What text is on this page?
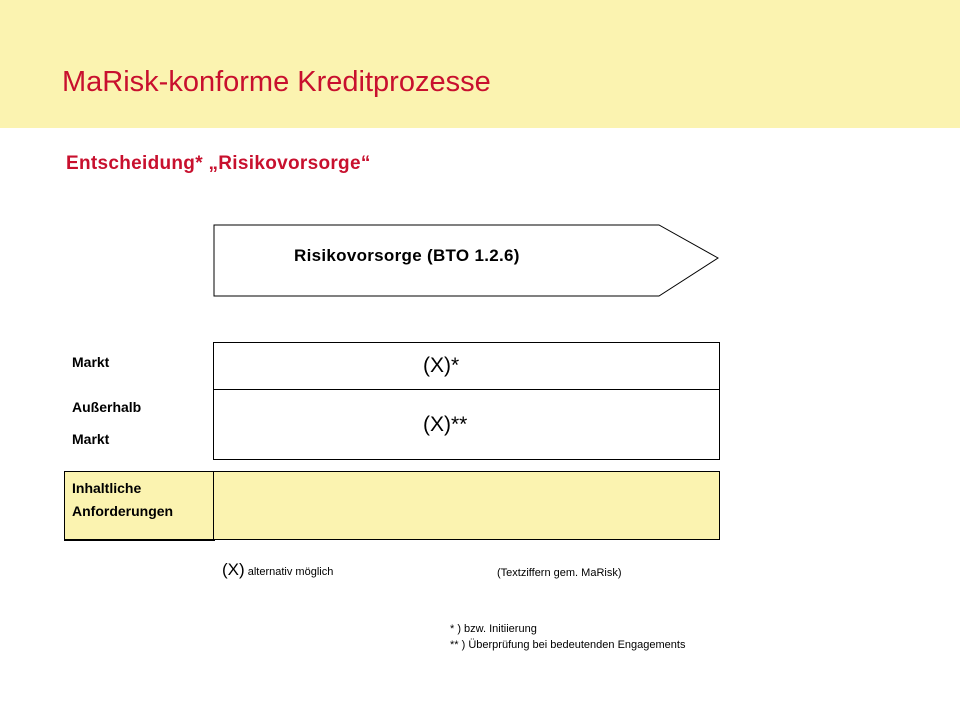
MaRisk-konforme Kreditprozesse
Entscheidung* „Risikovorsorge“
Risikovorsorge (BTO 1.2.6)
Markt	(X)*
Außerhalb
Markt
(X)**
Inhaltliche
Anforderungen
(X) alternativ möglich	(Textziffern gem. MaRisk)
* ) bzw. Initiierung
** ) Überprüfung bei bedeutenden Engagements
